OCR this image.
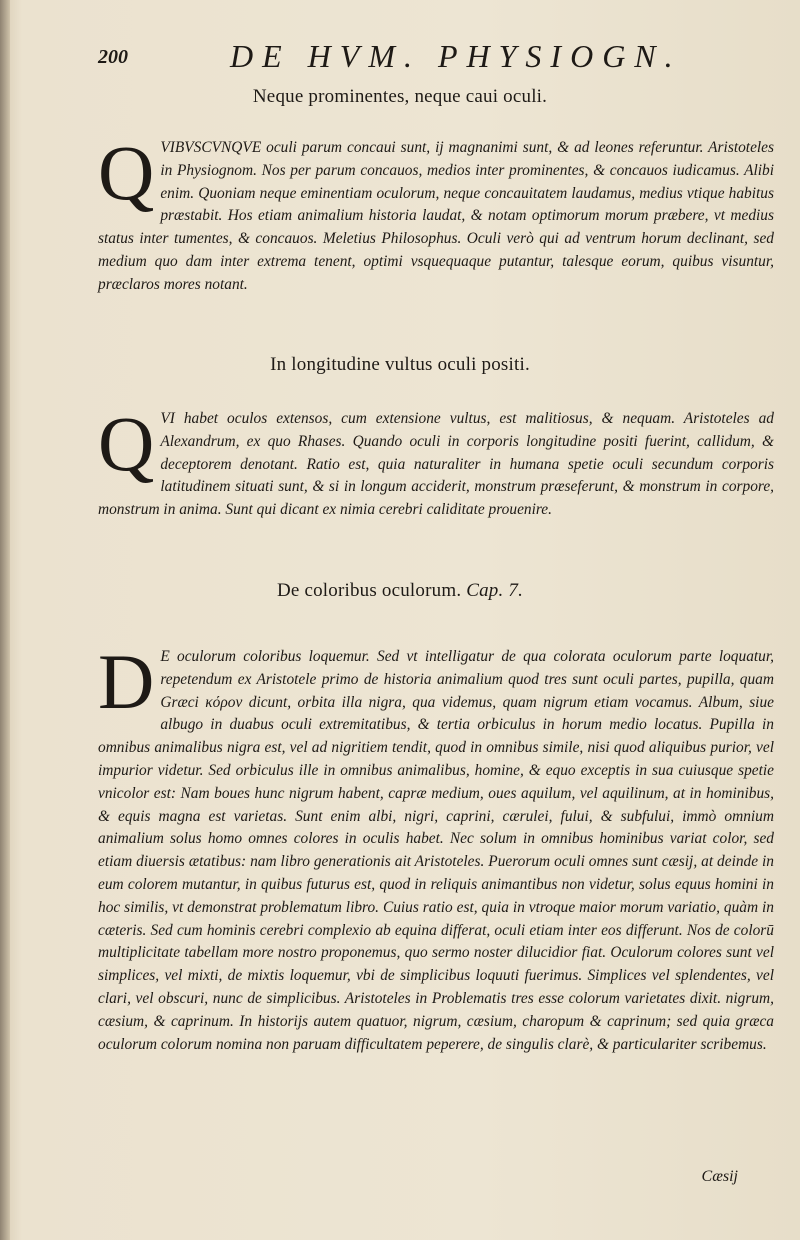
200	DE HVM. PHYSIOGN.
Neque prominentes, neque caui oculi.

QVIBVSCVNQVE oculi parum concaui sunt, ij magnanimi sunt, & ad leones referuntur. Aristoteles in Physiognom. Nos per parum concauos, medios inter prominentes, & concauos iudicamus. Alibi enim. Quoniam neque eminentiam oculorum, neque concauitatem laudamus, medius vtique habitus præstabit. Hos etiam animalium historia laudat, & notam optimorum morum præbere, vt medius status inter tumentes, & concauos. Meletius Philosophus. Oculi verò qui ad ventrum horum declinant, sed medium quo dam inter extrema tenent, optimi vsquequaque putantur, talesque eorum, quibus visuntur, præclaros mores notant.

In longitudine vultus oculi positi.

QVI habet oculos extensos, cum extensione vultus, est malitiosus, & nequam. Aristoteles ad Alexandrum, ex quo Rhases. Quando oculi in corporis longitudine positi fuerint, callidum, & deceptorem denotant. Ratio est, quia naturaliter in humana spetie oculi secundum corporis latitudinem situati sunt, & si in longum acciderit, monstrum præseferunt, & monstrum in corpore, monstrum in anima. Sunt qui dicant ex nimia cerebri caliditate prouenire.

De coloribus oculorum. Cap. 7.

D E oculorum coloribus loquemur. Sed vt intelligatur de qua colorata oculorum parte loquatur, repetendum ex Aristotele primo de historia animalium quod tres sunt oculi partes, pupilla, quam Græci κόρον dicunt, orbita illa nigra, qua videmus, quam nigrum etiam vocamus. Album, siue albugo in duabus oculi extremitatibus, & tertia orbiculus in horum medio locatus. Pupilla in omnibus animalibus nigra est, vel ad nigritiem tendit, quod in omnibus simile, nisi quod aliquibus purior, vel impurior videtur. Sed orbiculus ille in omnibus animalibus, homine, & equo exceptis in sua cuiusque spetie vnicolor est: Nam boues hunc nigrum habent, capræ medium, oues aquilum, vel aquilinum, at in hominibus, & equis magna est varietas. Sunt enim albi, nigri, caprini, cærulei, fului, & subfului, immò omnium animalium solus homo omnes colores in oculis habet. Nec solum in omnibus hominibus variat color, sed etiam diuersis ætatibus: nam libro generationis ait Aristoteles. Puerorum oculi omnes sunt cæsij, at deinde in eum colorem mutantur, in quibus futurus est, quod in reliquis animantibus non videtur, solus equus homini in hoc similis, vt demonstrat problematum libro. Cuius ratio est, quia in vtroque maior morum variatio, quàm in cæteris. Sed cum hominis cerebri complexio ab equina differat, oculi etiam inter eos differunt. Nos de colorū multiplicitate tabellam more nostro proponemus, quo sermo noster dilucidior fiat. Oculorum colores sunt vel simplices, vel mixti, de mixtis loquemur, vbi de simplicibus loquuti fuerimus. Simplices vel splendentes, vel clari, vel obscuri, nunc de simplicibus. Aristoteles in Problematis tres esse colorum varietates dixit. nigrum, cæsium, & caprinum. In historijs autem quatuor, nigrum, cæsium, charopum & caprinum; sed quia græca oculorum colorum nomina non paruam difficultatem peperere, de singulis clarè, & particulariter scribemus.

Cæsij
